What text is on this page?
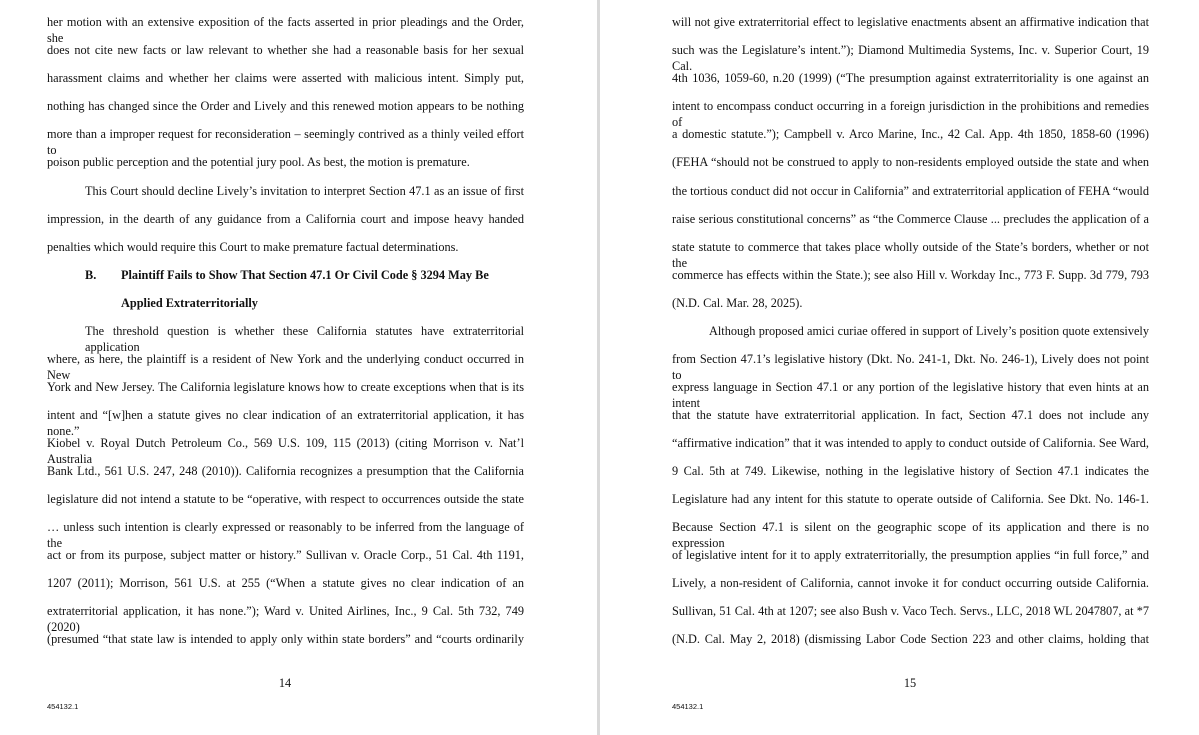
her motion with an extensive exposition of the facts asserted in prior pleadings and the Order, she
does not cite new facts or law relevant to whether she had a reasonable basis for her sexual
harassment claims and whether her claims were asserted with malicious intent. Simply put,
nothing has changed since the Order and Lively and this renewed motion appears to be nothing
more than a improper request for reconsideration – seemingly contrived as a thinly veiled effort to
poison public perception and the potential jury pool. As best, the motion is premature.
This Court should decline Lively’s invitation to interpret Section 47.1 as an issue of first
impression, in the dearth of any guidance from a California court and impose heavy handed
penalties which would require this Court to make premature factual determinations.
B.	Plaintiff Fails to Show That Section 47.1 Or Civil Code § 3294 May Be
Applied Extraterritorially
The threshold question is whether these California statutes have extraterritorial application
where, as here, the plaintiff is a resident of New York and the underlying conduct occurred in New
York and New Jersey. The California legislature knows how to create exceptions when that is its
intent and “[w]hen a statute gives no clear indication of an extraterritorial application, it has none.”
Kiobel v. Royal Dutch Petroleum Co., 569 U.S. 109, 115 (2013) (citing Morrison v. Nat’l Australia
Bank Ltd., 561 U.S. 247, 248 (2010)). California recognizes a presumption that the California
legislature did not intend a statute to be “operative, with respect to occurrences outside the state
… unless such intention is clearly expressed or reasonably to be inferred from the language of the
act or from its purpose, subject matter or history.” Sullivan v. Oracle Corp., 51 Cal. 4th 1191,
1207 (2011); Morrison, 561 U.S. at 255 (“When a statute gives no clear indication of an
extraterritorial application, it has none.”); Ward v. United Airlines, Inc., 9 Cal. 5th 732, 749 (2020)
(presumed “that state law is intended to apply only within state borders” and “courts ordinarily
14
454132.1
will not give extraterritorial effect to legislative enactments absent an affirmative indication that
such was the Legislature’s intent.”); Diamond Multimedia Systems, Inc. v. Superior Court, 19 Cal.
4th 1036, 1059-60, n.20 (1999) (“The presumption against extraterritoriality is one against an
intent to encompass conduct occurring in a foreign jurisdiction in the prohibitions and remedies of
a domestic statute.”); Campbell v. Arco Marine, Inc., 42 Cal. App. 4th 1850, 1858-60 (1996)
(FEHA “should not be construed to apply to non-residents employed outside the state and when
the tortious conduct did not occur in California” and extraterritorial application of FEHA “would
raise serious constitutional concerns” as “the Commerce Clause ... precludes the application of a
state statute to commerce that takes place wholly outside of the State’s borders, whether or not the
commerce has effects within the State.); see also Hill v. Workday Inc., 773 F. Supp. 3d 779, 793
(N.D. Cal. Mar. 28, 2025).
Although proposed amici curiae offered in support of Lively’s position quote extensively
from Section 47.1’s legislative history (Dkt. No. 241-1, Dkt. No. 246-1), Lively does not point to
express language in Section 47.1 or any portion of the legislative history that even hints at an intent
that the statute have extraterritorial application. In fact, Section 47.1 does not include any
“affirmative indication” that it was intended to apply to conduct outside of California. See Ward,
9 Cal. 5th at 749. Likewise, nothing in the legislative history of Section 47.1 indicates the
Legislature had any intent for this statute to operate outside of California. See Dkt. No. 146-1.
Because Section 47.1 is silent on the geographic scope of its application and there is no expression
of legislative intent for it to apply extraterritorially, the presumption applies “in full force,” and
Lively, a non-resident of California, cannot invoke it for conduct occurring outside California.
Sullivan, 51 Cal. 4th at 1207; see also Bush v. Vaco Tech. Servs., LLC, 2018 WL 2047807, at *7
(N.D. Cal. May 2, 2018) (dismissing Labor Code Section 223 and other claims, holding that
15
454132.1
